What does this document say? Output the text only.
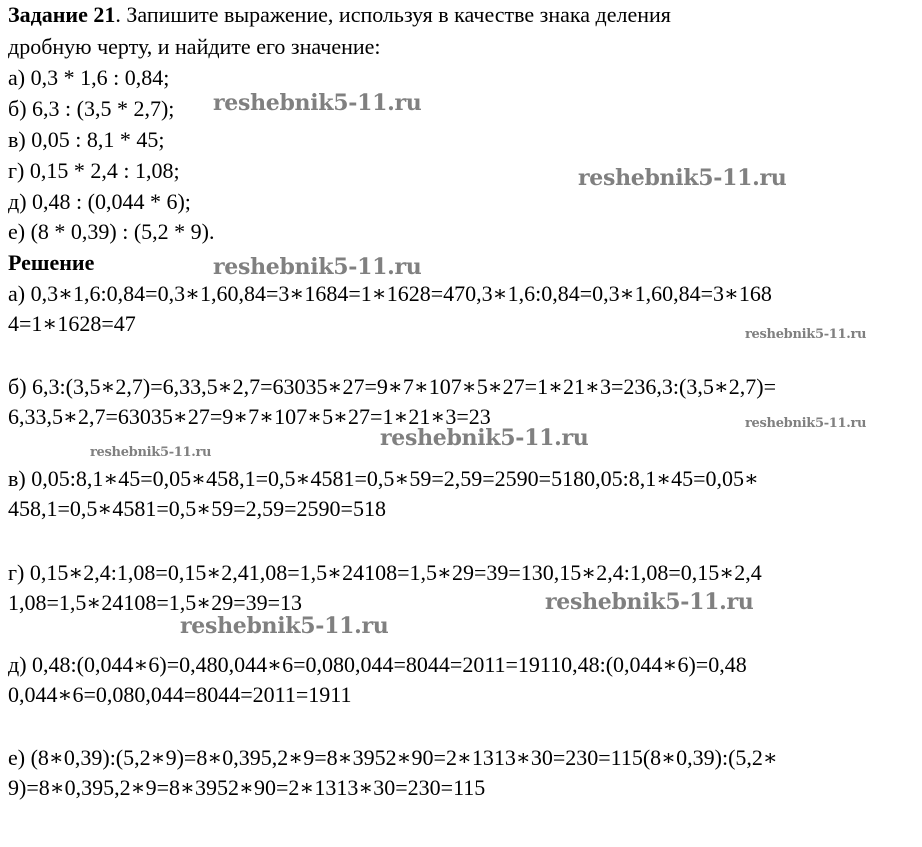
Задание 21. Запишите выражение, используя в качестве знака деления
дробную черту, и найдите его значение:
а) 0,3 * 1,6 : 0,84;
б) 6,3 : (3,5 * 2,7);
в) 0,05 : 8,1 * 45;
г) 0,15 * 2,4 : 1,08;
д) 0,48 : (0,044 * 6);
е) (8 * 0,39) : (5,2 * 9).
Решение
а) 0,3∗1,6:0,84=0,3∗1,60,84=3∗1684=1∗1628=470,3∗1,6:0,84=0,3∗1,60,84=3∗168
4=1∗1628=47
б) 6,3:(3,5∗2,7)=6,33,5∗2,7=63035∗27=9∗7∗107∗5∗27=1∗21∗3=236,3:(3,5∗2,7)=
6,33,5∗2,7=63035∗27=9∗7∗107∗5∗27=1∗21∗3=23
в) 0,05:8,1∗45=0,05∗458,1=0,5∗4581=0,5∗59=2,59=2590=5180,05:8,1∗45=0,05∗
458,1=0,5∗4581=0,5∗59=2,59=2590=518
г) 0,15∗2,4:1,08=0,15∗2,41,08=1,5∗24108=1,5∗29=39=130,15∗2,4:1,08=0,15∗2,4
1,08=1,5∗24108=1,5∗29=39=13
д) 0,48:(0,044∗6)=0,480,044∗6=0,080,044=8044=2011=19110,48:(0,044∗6)=0,48
0,044∗6=0,080,044=8044=2011=1911
е) (8∗0,39):(5,2∗9)=8∗0,395,2∗9=8∗3952∗90=2∗1313∗30=230=115(8∗0,39):(5,2∗
9)=8∗0,395,2∗9=8∗3952∗90=2∗1313∗30=230=115
reshebnik5-11.ru
reshebnik5-11.ru
reshebnik5-11.ru
reshebnik5-11.ru
reshebnik5-11.ru
reshebnik5-11.ru
reshebnik5-11.ru
reshebnik5-11.ru
reshebnik5-11.ru
